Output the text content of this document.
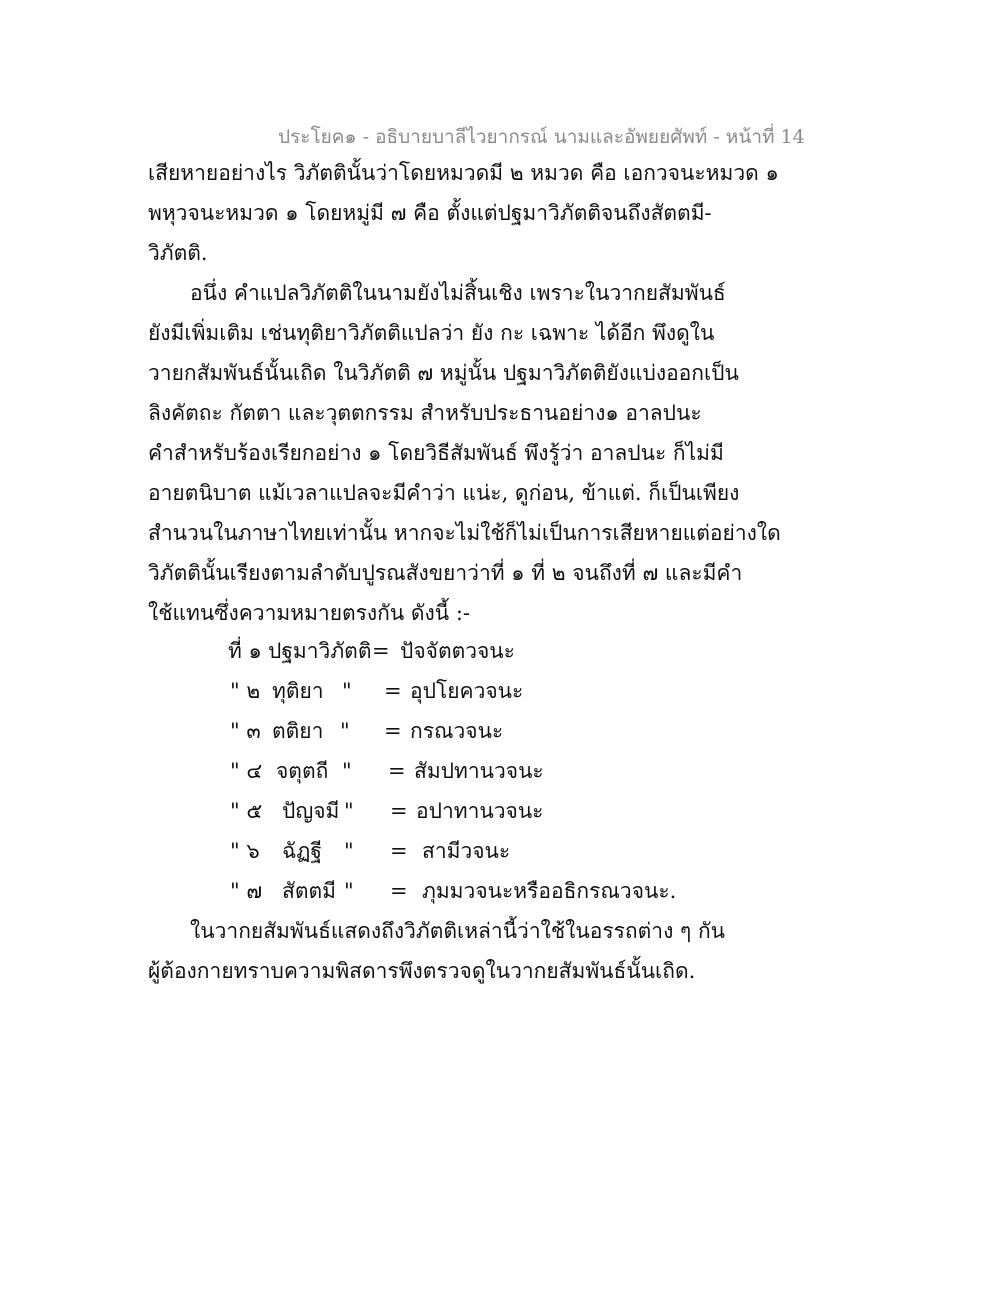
ประโยค๑ - อธิบายบาลีไวยากรณ์ นามและอัพยยศัพท์ - หน้าที่ 14
เสียหายอย่างไร วิภัตตินั้นว่าโดยหมวดมี ๒ หมวด คือ เอกวจนะหมวด ๑
พหุวจนะหมวด ๑ โดยหมู่มี ๗ คือ ตั้งแต่ปฐมาวิภัตติจนถึงสัตตมี-
วิภัตติ.
อนึ่ง คำแปลวิภัตติในนามยังไม่สิ้นเชิง เพราะในวากยสัมพันธ์
ยังมีเพิ่มเติม เช่นทุติยาวิภัตติแปลว่า ยัง กะ เฉพาะ ได้อีก พึงดูใน
วายกสัมพันธ์นั้นเถิด ในวิภัตติ ๗ หมู่นั้น ปฐมาวิภัตติยังแบ่งออกเป็น
ลิงคัตถะ กัตตา และวุตตกรรม สำหรับประธานอย่าง๑ อาลปนะ
คำสำหรับร้องเรียกอย่าง ๑ โดยวิธีสัมพันธ์ พึงรู้ว่า อาลปนะ ก็ไม่มี
อายตนิบาต แม้เวลาแปลจะมีคำว่า แน่ะ, ดูก่อน, ข้าแต่. ก็เป็นเพียง
สำนวนในภาษาไทยเท่านั้น หากจะไม่ใช้ก็ไม่เป็นการเสียหายแต่อย่างใด
วิภัตตินั้นเรียงตามลำดับปูรณสังขยาว่าที่ ๑ ที่ ๒ จนถึงที่ ๗ และมีคำ
ใช้แทนซึ่งความหมายตรงกัน ดังนี้ :-
ที่ ๑ ปฐมาวิภัตติ = ปัจจัตตวจนะ
" ๒ ทุติยา " = อุปโยควจนะ
" ๓ ตติยา " = กรณวจนะ
" ๔ จตุตถี " = สัมปทานวจนะ
" ๕ ปัญจมี " = อปาทานวจนะ
" ๖ ฉัฏฐี " = สามีวจนะ
" ๗ สัตตมี " = ภุมมวจนะหรืออธิกรณวจนะ.
ในวากยสัมพันธ์แสดงถึงวิภัตติเหล่านี้ว่าใช้ในอรรถต่าง ๆ กัน
ผู้ต้องกายทราบความพิสดารพึงตรวจดูในวากยสัมพันธ์นั้นเถิด.
